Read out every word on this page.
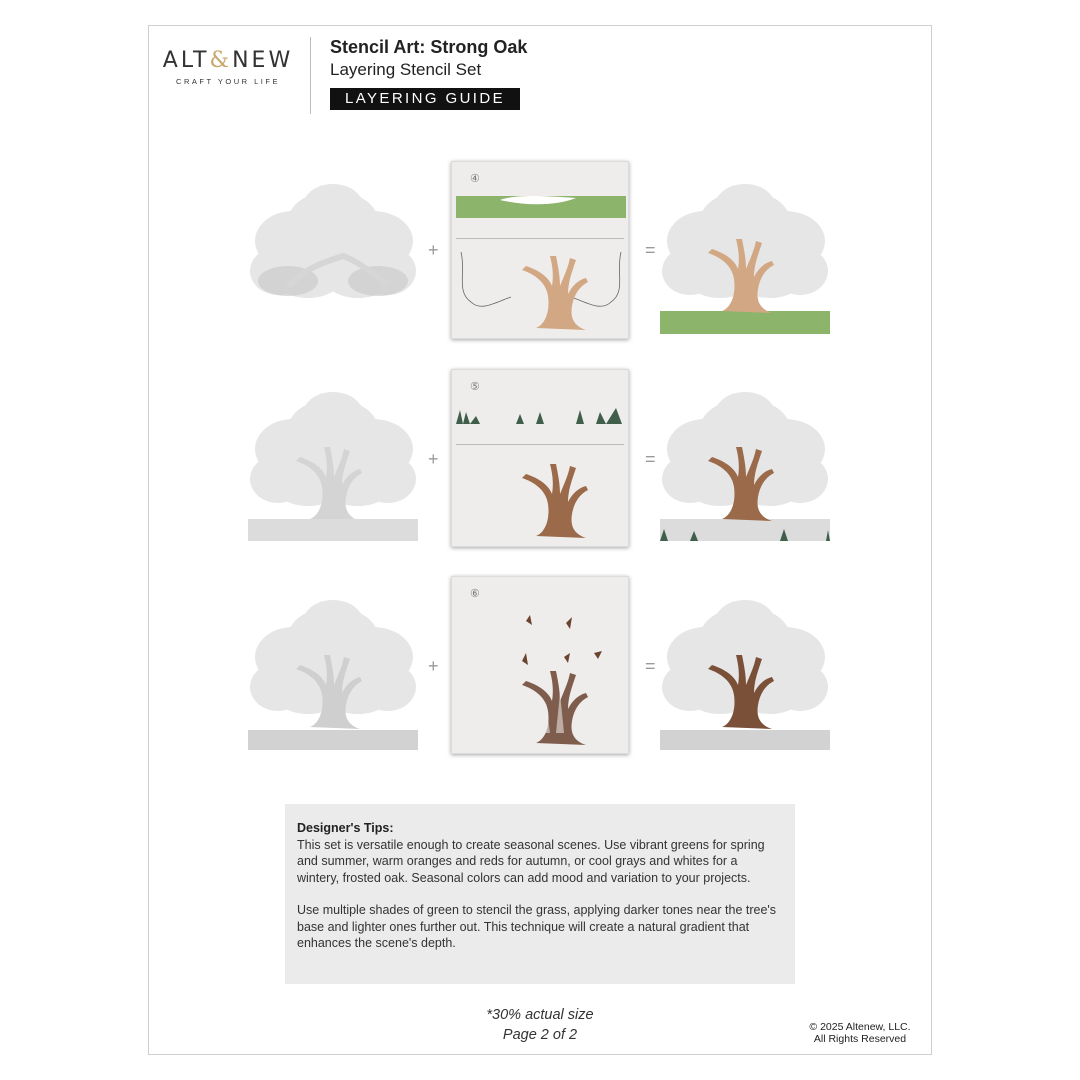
ALT&NEW
CRAFT YOUR LIFE
Stencil Art: Strong Oak
Layering Stencil Set
LAYERING GUIDE
+
④
=
+
⑤
=
+
⑥
=
Designer's Tips:

This set is versatile enough to create seasonal scenes. Use vibrant greens for spring and summer, warm oranges and reds for autumn, or cool grays and whites for a wintery, frosted oak. Seasonal colors can add mood and variation to your projects.

Use multiple shades of green to stencil the grass, applying darker tones near the tree's base and lighter ones further out. This technique will create a natural gradient that enhances the scene's depth.

*30% actual size
Page 2 of 2	© 2025 Altenew, LLC.
All Rights Reserved
